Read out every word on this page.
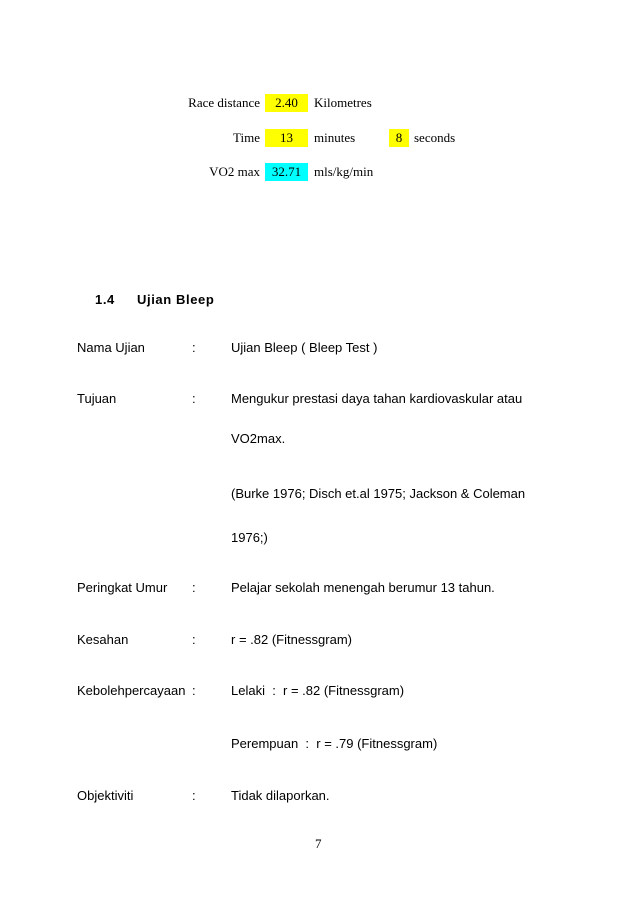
Race distance	2.40	Kilometres
Time	13	minutes	8 seconds
VO2 max 32.71 mls/kg/min
1.4 Ujian Bleep
Nama Ujian	:	Ujian Bleep ( Bleep Test )
Tujuan	:	Mengukur prestasi daya tahan kardiovaskular atau
VO2max.
(Burke 1976; Disch et.al 1975; Jackson & Coleman
1976;)
Peringkat Umur :	Pelajar sekolah menengah berumur 13 tahun.
Kesahan	:	r = .82 (Fitnessgram)
Kebolehpercayaan :	Lelaki  :  r = .82 (Fitnessgram)
Perempuan  :  r = .79 (Fitnessgram)
Objektiviti	:	Tidak dilaporkan.
7
